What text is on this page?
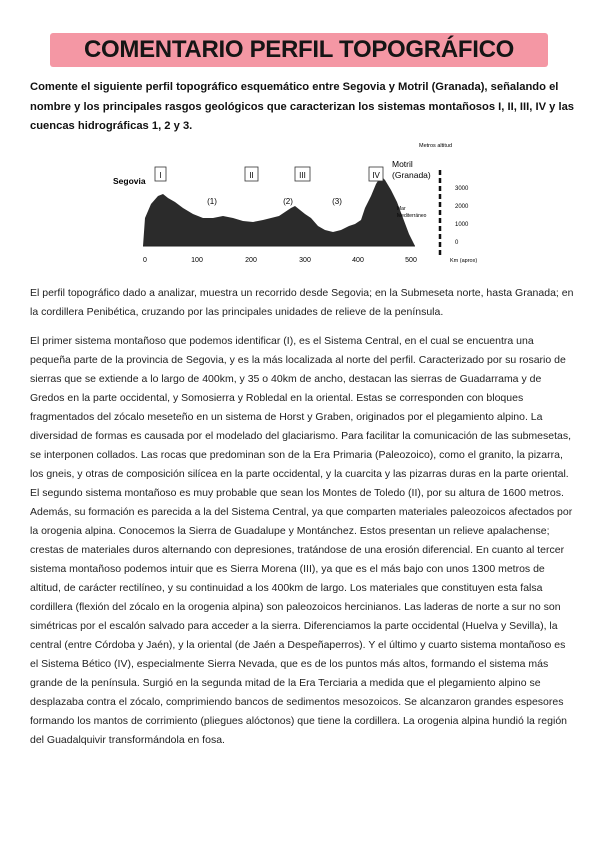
COMENTARIO PERFIL TOPOGRÁFICO
Comente el siguiente perfil topográfico esquemático entre Segovia y Motril (Granada), señalando el nombre y los principales rasgos geológicos que caracterizan los sistemas montañosos I, II, III, IV y las cuencas hidrográficas 1, 2 y 3.
0	100	200	300	400	500	Km (aprox)
Metros altitud
3000
2000
1000
0
Mar
Mediterráneo
Segovia
Motril
(Granada)
I	II	III	IV
(1)	(2)	(3)
El perfil topográfico dado a analizar, muestra un recorrido desde Segovia; en la Submeseta norte, hasta Granada; en la cordillera Penibética, cruzando por las principales unidades de relieve de la península.
El primer sistema montañoso que podemos identificar (I), es el Sistema Central, en el cual se encuentra una pequeña parte de la provincia de Segovia, y es la más localizada al norte del perfil. Caracterizado por su rosario de sierras que se extiende a lo largo de 400km, y 35 o 40km de ancho, destacan las sierras de Guadarrama y de Gredos en la parte occidental, y Somosierra y Robledal en la oriental. Estas se corresponden con bloques fragmentados del zócalo meseteño en un sistema de Horst y Graben, originados por el plegamiento alpino. La diversidad de formas es causada por el modelado del glaciarismo. Para facilitar la comunicación de las submesetas, se interponen collados. Las rocas que predominan son de la Era Primaria (Paleozoico), como el granito, la pizarra, los gneis, y otras de composición silícea en la parte occidental, y la cuarcita y las pizarras duras en la parte oriental. El segundo sistema montañoso es muy probable que sean los Montes de Toledo (II), por su altura de 1600 metros. Además, su formación es parecida a la del Sistema Central, ya que comparten materiales paleozoicos afectados por la orogenia alpina. Conocemos la Sierra de Guadalupe y Montánchez. Estos presentan un relieve apalachense; crestas de materiales duros alternando con depresiones, tratándose de una erosión diferencial. En cuanto al tercer sistema montañoso podemos intuir que es Sierra Morena (III), ya que es el más bajo con unos 1300 metros de altitud, de carácter rectilíneo, y su continuidad a los 400km de largo. Los materiales que constituyen esta falsa cordillera (flexión del zócalo en la orogenia alpina) son paleozoicos hercinianos. Las laderas de norte a sur no son simétricas por el escalón salvado para acceder a la sierra. Diferenciamos la parte occidental (Huelva y Sevilla), la central (entre Córdoba y Jaén), y la oriental (de Jaén a Despeñaperros). Y el último y cuarto sistema montañoso es el Sistema Bético (IV), especialmente Sierra Nevada, que es de los puntos más altos, formando el sistema más grande de la península. Surgió en la segunda mitad de la Era Terciaria a medida que el plegamiento alpino se desplazaba contra el zócalo, comprimiendo bancos de sedimentos mesozoicos. Se alcanzaron grandes espesores formando los mantos de corrimiento (pliegues alóctonos) que tiene la cordillera. La orogenia alpina hundió la región del Guadalquivir transformándola en fosa.
